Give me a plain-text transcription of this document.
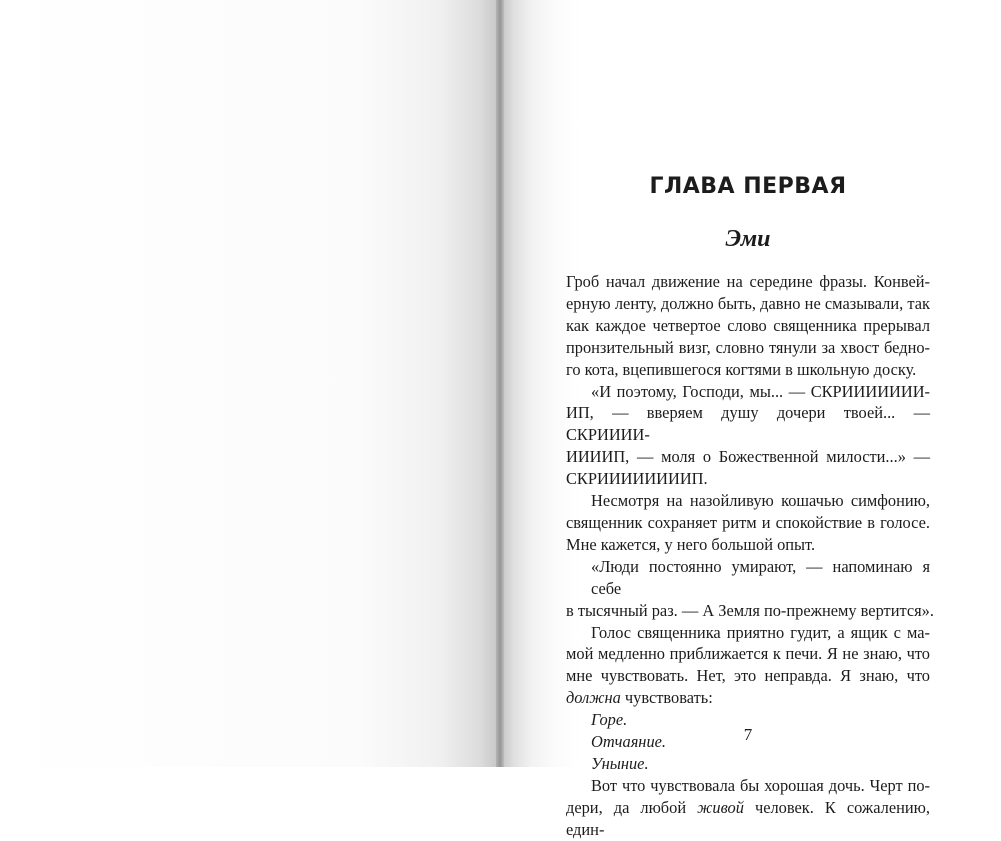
ГЛАВА ПЕРВАЯ
Эми
Гроб начал движение на середине фразы. Конвей-
ерную ленту, должно быть, давно не смазывали, так
как каждое четвертое слово священника прерывал
пронзительный визг, словно тянули за хвост бедно-
го кота, вцепившегося когтями в школьную доску.
«И поэтому, Господи, мы... — СКРИИИИИИИ-
ИП, — вверяем душу дочери твоей... — СКРИИИИ-
ИИИИП, — моля о Божественной милости...» —
СКРИИИИИИИИП.
Несмотря на назойливую кошачью симфонию,
священник сохраняет ритм и спокойствие в голосе.
Мне кажется, у него большой опыт.
«Люди постоянно умирают, — напоминаю я себе
в тысячный раз. — А Земля по-прежнему вертится».
Голос священника приятно гудит, а ящик с ма-
мой медленно приближается к печи. Я не знаю, что
мне чувствовать. Нет, это неправда. Я знаю, что
должна чувствовать:
Горе.
Отчаяние.
Уныние.
Вот что чувствовала бы хорошая дочь. Черт по-
дери, да любой живой человек. К сожалению, един-
7
